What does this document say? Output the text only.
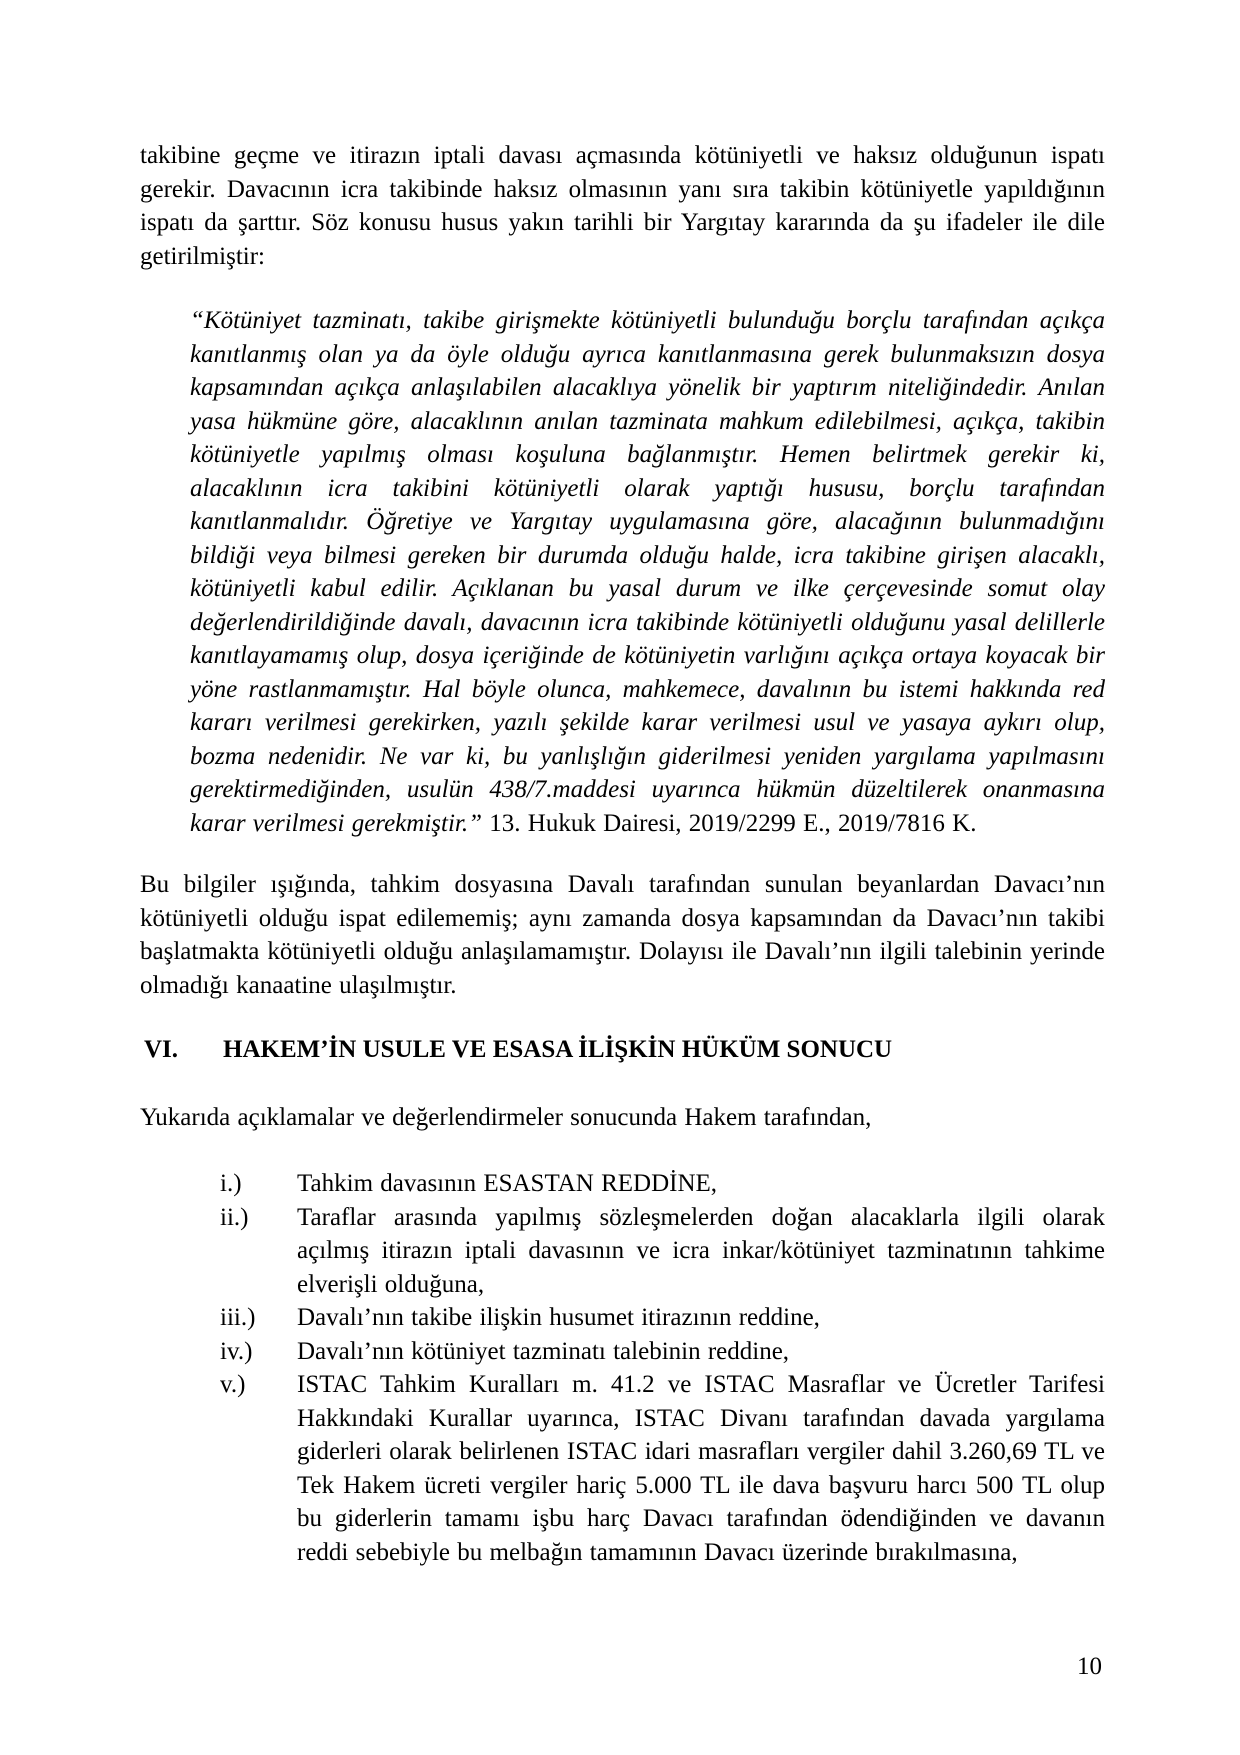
takibine geçme ve itirazın iptali davası açmasında kötüniyetli ve haksız olduğunun ispatı gerekir. Davacının icra takibinde haksız olmasının yanı sıra takibin kötüniyetle yapıldığının ispatı da şarttır. Söz konusu husus yakın tarihli bir Yargıtay kararında da şu ifadeler ile dile getirilmiştir:

“Kötüniyet tazminatı, takibe girişmekte kötüniyetli bulunduğu borçlu tarafından açıkça kanıtlanmış olan ya da öyle olduğu ayrıca kanıtlanmasına gerek bulunmaksızın dosya kapsamından açıkça anlaşılabilen alacaklıya yönelik bir yaptırım niteliğindedir. Anılan yasa hükmüne göre, alacaklının anılan tazminata mahkum edilebilmesi, açıkça, takibin kötüniyetle yapılmış olması koşuluna bağlanmıştır. Hemen belirtmek gerekir ki, alacaklının icra takibini kötüniyetli olarak yaptığı hususu, borçlu tarafından kanıtlanmalıdır. Öğretiye ve Yargıtay uygulamasına göre, alacağının bulunmadığını bildiği veya bilmesi gereken bir durumda olduğu halde, icra takibine girişen alacaklı, kötüniyetli kabul edilir. Açıklanan bu yasal durum ve ilke çerçevesinde somut olay değerlendirildiğinde davalı, davacının icra takibinde kötüniyetli olduğunu yasal delillerle kanıtlayamamış olup, dosya içeriğinde de kötüniyetin varlığını açıkça ortaya koyacak bir yöne rastlanmamıştır. Hal böyle olunca, mahkemece, davalının bu istemi hakkında red kararı verilmesi gerekirken, yazılı şekilde karar verilmesi usul ve yasaya aykırı olup, bozma nedenidir. Ne var ki, bu yanlışlığın giderilmesi yeniden yargılama yapılmasını gerektirmediğinden, usulün 438/7.maddesi uyarınca hükmün düzeltilerek onanmasına karar verilmesi gerekmiştir.” 13. Hukuk Dairesi, 2019/2299 E., 2019/7816 K.

Bu bilgiler ışığında, tahkim dosyasına Davalı tarafından sunulan beyanlardan Davacı’nın kötüniyetli olduğu ispat edilememiş; aynı zamanda dosya kapsamından da Davacı’nın takibi başlatmakta kötüniyetli olduğu anlaşılamamıştır. Dolayısı ile Davalı’nın ilgili talebinin yerinde olmadığı kanaatine ulaşılmıştır.

VI.	HAKEM’İN USULE VE ESASA İLİŞKİN HÜKÜM SONUCU

Yukarıda açıklamalar ve değerlendirmeler sonucunda Hakem tarafından,

i.)	Tahkim davasının ESASTAN REDDİNE,
ii.)	Taraflar arasında yapılmış sözleşmelerden doğan alacaklarla ilgili olarak açılmış itirazın iptali davasının ve icra inkar/kötüniyet tazminatının tahkime elverişli olduğuna,
iii.)	Davalı’nın takibe ilişkin husumet itirazının reddine,
iv.)	Davalı’nın kötüniyet tazminatı talebinin reddine,
v.)	ISTAC Tahkim Kuralları m. 41.2 ve ISTAC Masraflar ve Ücretler Tarifesi Hakkındaki Kurallar uyarınca, ISTAC Divanı tarafından davada yargılama giderleri olarak belirlenen ISTAC idari masrafları vergiler dahil 3.260,69 TL ve Tek Hakem ücreti vergiler hariç 5.000 TL ile dava başvuru harcı 500 TL olup bu giderlerin tamamı işbu harç Davacı tarafından ödendiğinden ve davanın reddi sebebiyle bu melbağın tamamının Davacı üzerinde bırakılmasına,
10
